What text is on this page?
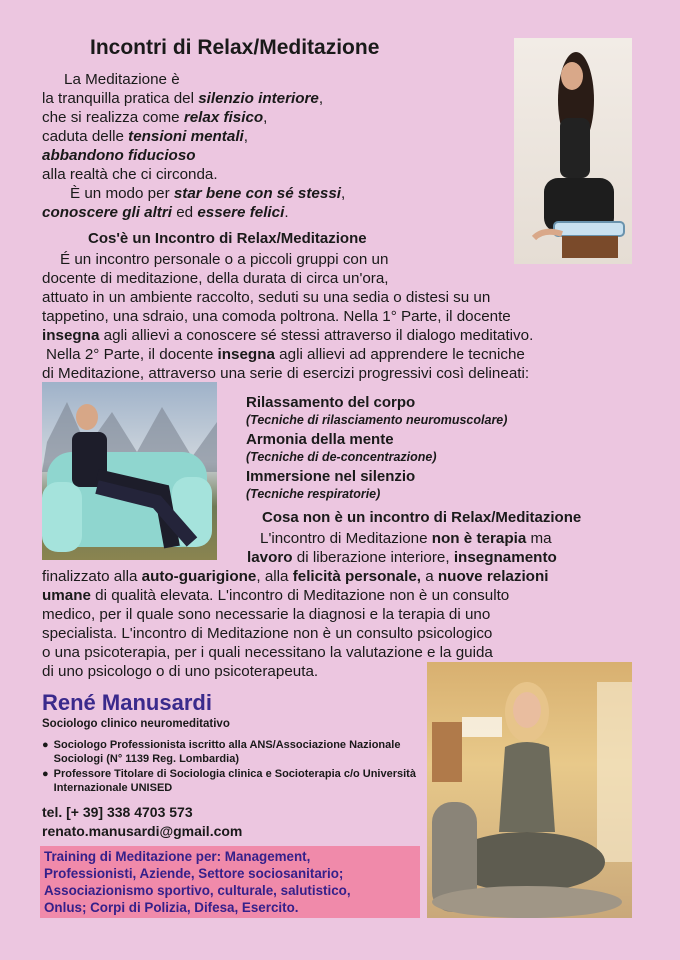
Incontri di Relax/Meditazione
La Meditazione è
la tranquilla pratica del silenzio interiore,
che si realizza come relax fisico,
caduta delle tensioni mentali,
abbandono fiducioso
alla realtà che ci circonda.
È un modo per star bene con sé stessi,
conoscere gli altri ed essere felici.
Cos'è un Incontro di Relax/Meditazione
É un incontro personale o a piccoli gruppi con un
docente di meditazione, della durata di circa un'ora,
attuato in un ambiente raccolto, seduti su una sedia o distesi su un
tappetino, una sdraio, una comoda poltrona. Nella 1° Parte, il docente
insegna agli allievi a conoscere sé stessi attraverso il dialogo meditativo.
Nella 2° Parte, il docente insegna agli allievi ad apprendere le tecniche
di Meditazione, attraverso una serie di esercizi progressivi così delineati:
Rilassamento del corpo
(Tecniche di rilasciamento neuromuscolare)
Armonia della mente
(Tecniche di de-concentrazione)
Immersione nel silenzio
(Tecniche respiratorie)
Cosa non è un incontro di Relax/Meditazione
L'incontro di Meditazione non è terapia ma
lavoro di liberazione interiore, insegnamento
finalizzato alla auto-guarigione, alla felicità personale, a nuove relazioni
umane di qualità elevata. L'incontro di Meditazione non è un consulto
medico, per il quale sono necessarie la diagnosi e la terapia di uno
specialista. L'incontro di Meditazione non è un consulto psicologico
o una psicoterapia, per i quali necessitano la valutazione e la guida
di uno psicologo o di uno psicoterapeuta.
René Manusardi
Sociologo clinico neuromeditativo
● Sociologo Professionista iscritto alla ANS/Associazione Nazionale Sociologi (N° 1139 Reg. Lombardia)
● Professore Titolare di Sociologia clinica e Socioterapia c/o Università Internazionale UNISED
tel. [+ 39] 338 4703 573
renato.manusardi@gmail.com
Training di Meditazione per: Management,
Professionisti, Aziende, Settore sociosanitario;
Associazionismo sportivo, culturale, salutistico,
Onlus; Corpi di Polizia, Difesa, Esercito.
